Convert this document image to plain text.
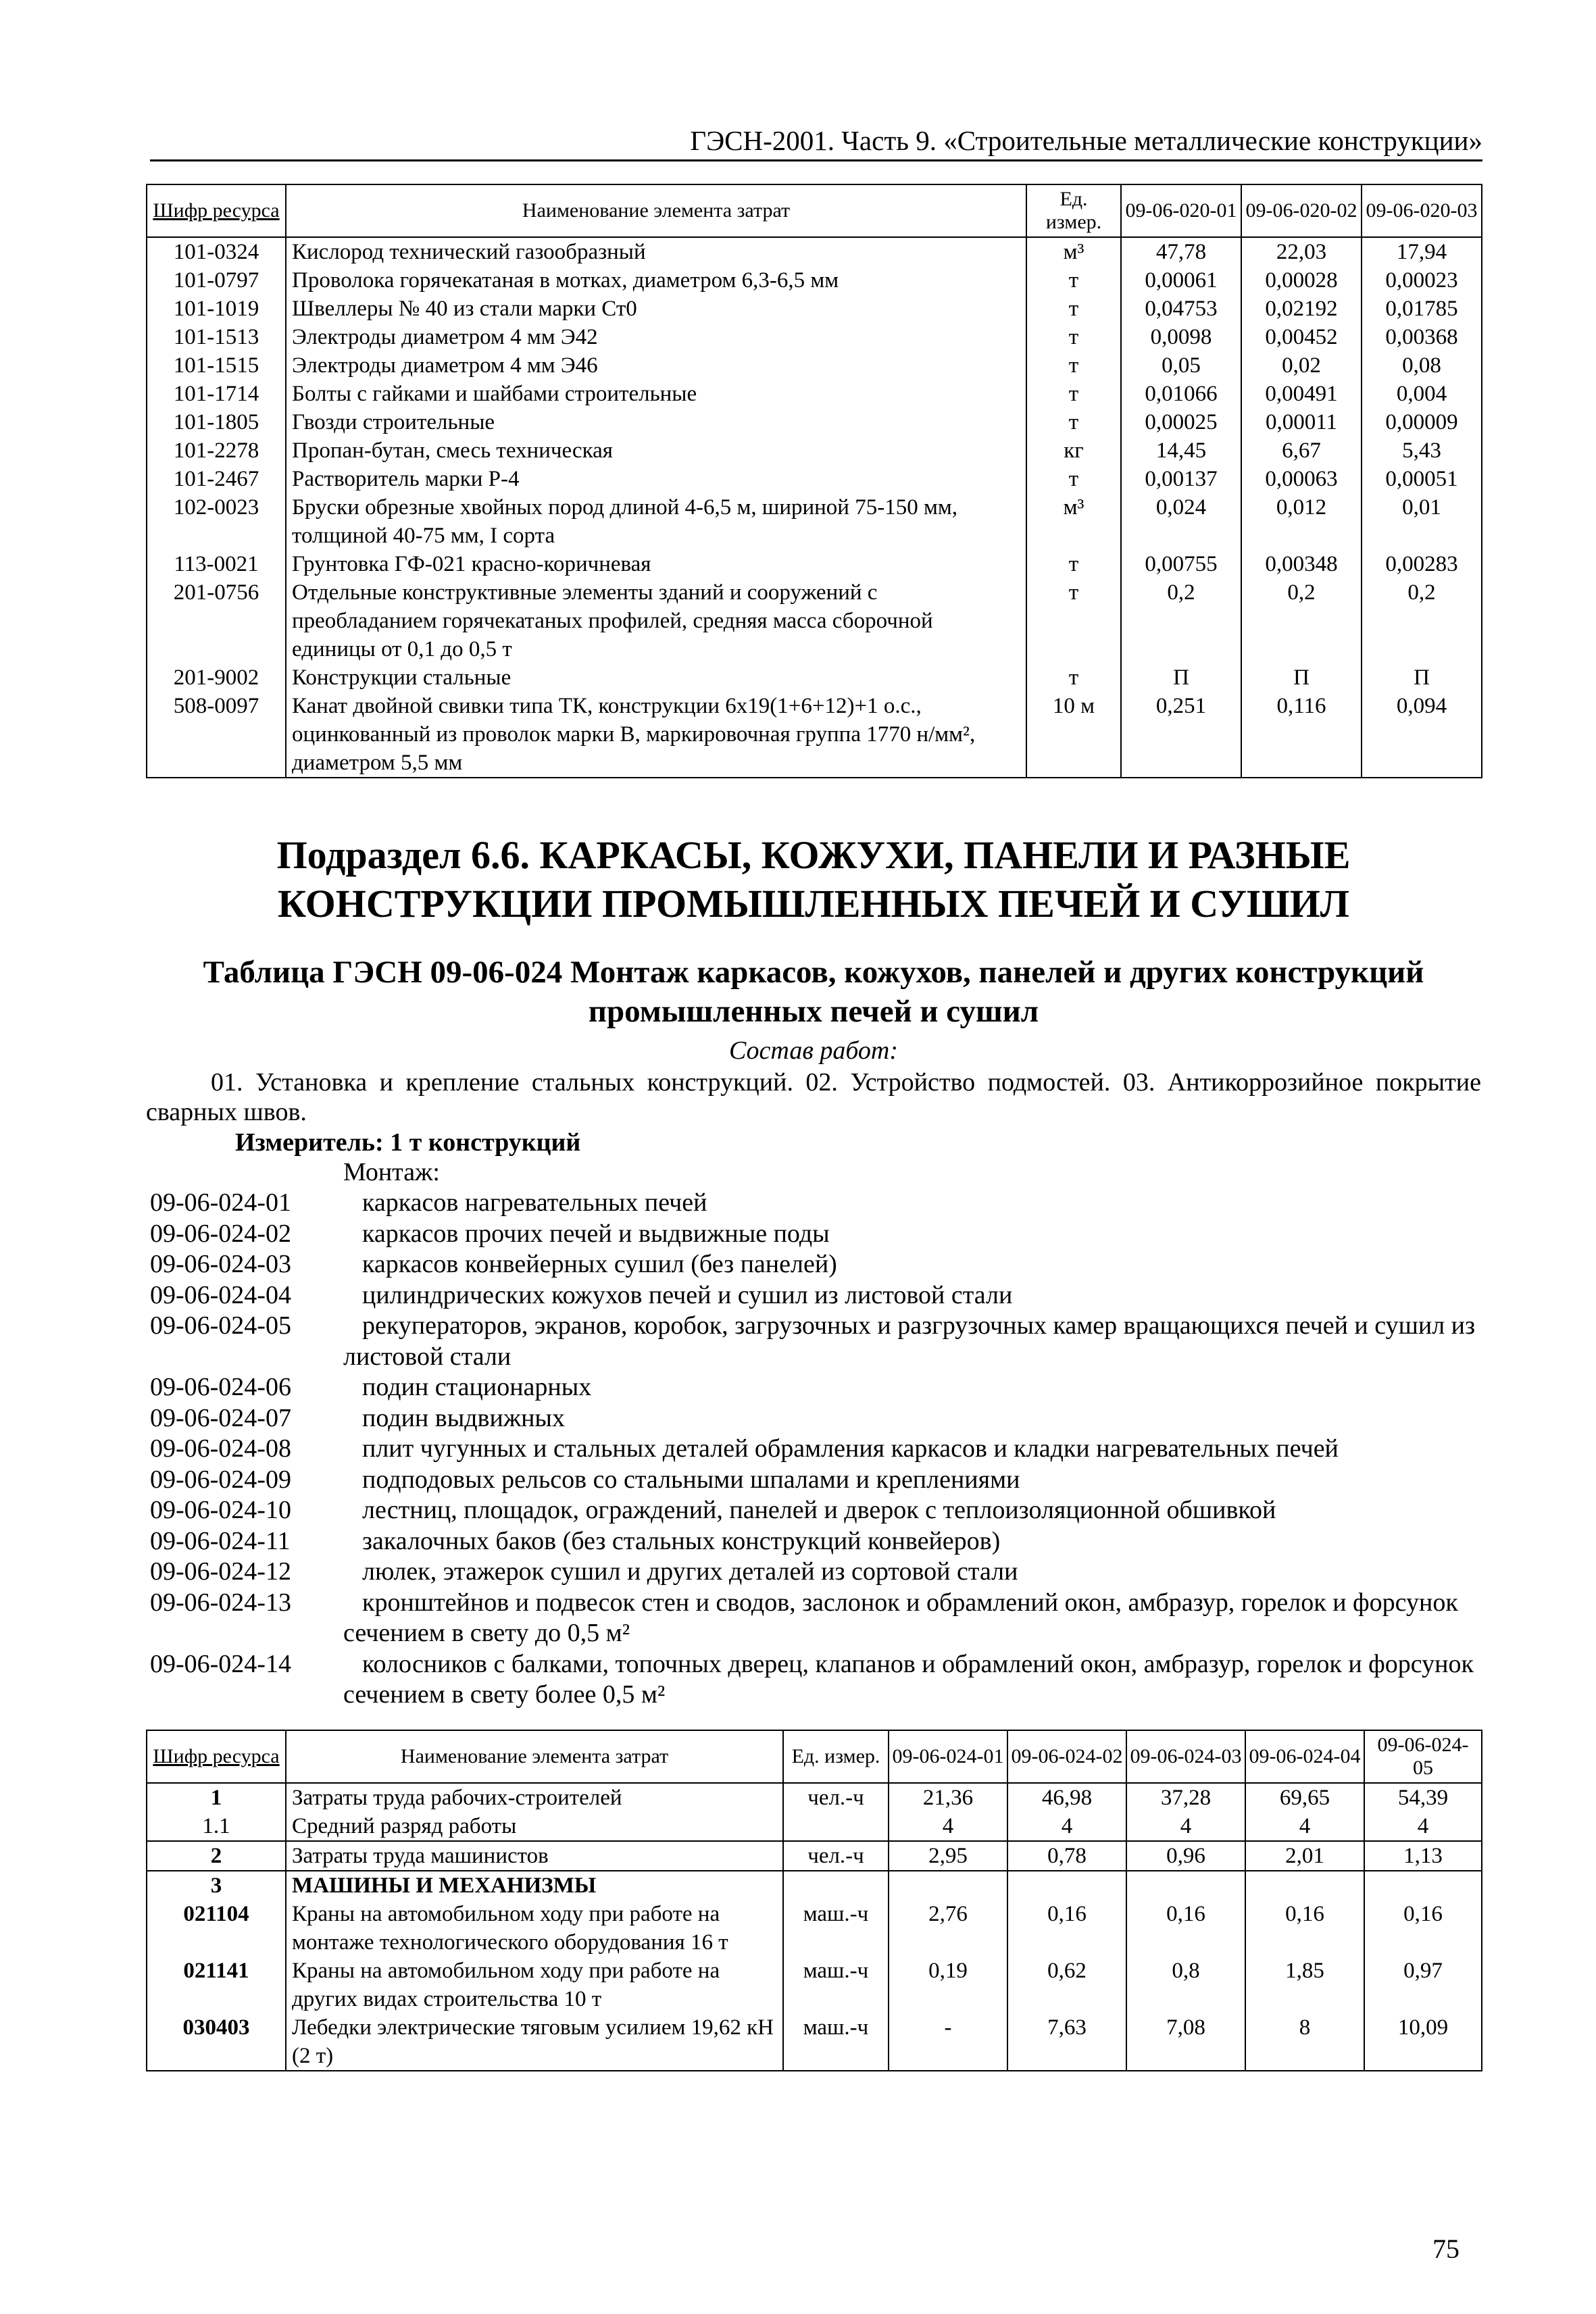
ГЭСН-2001. Часть 9. «Строительные металлические конструкции»
Шифр ресурса	Наименование элемента затрат	Ед. измер.	09-06-020-01	09-06-020-02	09-06-020-03
101-0324	Кислород технический газообразный	м³	47,78	22,03	17,94
101-0797	Проволока горячекатаная в мотках, диаметром 6,3-6,5 мм	т	0,00061	0,00028	0,00023
101-1019	Швеллеры № 40 из стали марки Ст0	т	0,04753	0,02192	0,01785
101-1513	Электроды диаметром 4 мм Э42	т	0,0098	0,00452	0,00368
101-1515	Электроды диаметром 4 мм Э46	т	0,05	0,02	0,08
101-1714	Болты с гайками и шайбами строительные	т	0,01066	0,00491	0,004
101-1805	Гвозди строительные	т	0,00025	0,00011	0,00009
101-2278	Пропан-бутан, смесь техническая	кг	14,45	6,67	5,43
101-2467	Растворитель марки Р-4	т	0,00137	0,00063	0,00051
102-0023	Бруски обрезные хвойных пород длиной 4-6,5 м, шириной 75-150 мм, толщиной 40-75 мм, I сорта	м³	0,024	0,012	0,01
113-0021	Грунтовка ГФ-021 красно-коричневая	т	0,00755	0,00348	0,00283
201-0756	Отдельные конструктивные элементы зданий и сооружений с преобладанием горячекатаных профилей, средняя масса сборочной единицы от 0,1 до 0,5 т	т	0,2	0,2	0,2
201-9002	Конструкции стальные	т	П	П	П
508-0097	Канат двойной свивки типа ТК, конструкции 6х19(1+6+12)+1 о.с., оцинкованный из проволок марки В, маркировочная группа 1770 н/мм², диаметром 5,5 мм	10 м	0,251	0,116	0,094
Подраздел 6.6. КАРКАСЫ, КОЖУХИ, ПАНЕЛИ И РАЗНЫЕ
КОНСТРУКЦИИ ПРОМЫШЛЕННЫХ ПЕЧЕЙ И СУШИЛ
Таблица ГЭСН 09-06-024 Монтаж каркасов, кожухов, панелей и других конструкций
промышленных печей и сушил
Состав работ:
01. Установка и крепление стальных конструкций. 02. Устройство подмостей. 03. Антикоррозийное покрытие сварных швов.
Измеритель: 1 т конструкций
Монтаж:
09-06-024-01	каркасов нагревательных печей
09-06-024-02	каркасов прочих печей и выдвижные поды
09-06-024-03	каркасов конвейерных сушил (без панелей)
09-06-024-04	цилиндрических кожухов печей и сушил из листовой стали
09-06-024-05	рекуператоров, экранов, коробок, загрузочных и разгрузочных камер вращающихся печей и сушил из листовой стали
09-06-024-06	подин стационарных
09-06-024-07	подин выдвижных
09-06-024-08	плит чугунных и стальных деталей обрамления каркасов и кладки нагревательных печей
09-06-024-09	подподовых рельсов со стальными шпалами и креплениями
09-06-024-10	лестниц, площадок, ограждений, панелей и дверок с теплоизоляционной обшивкой
09-06-024-11	закалочных баков (без стальных конструкций конвейеров)
09-06-024-12	люлек, этажерок сушил и других деталей из сортовой стали
09-06-024-13	кронштейнов и подвесок стен и сводов, заслонок и обрамлений окон, амбразур, горелок и форсунок сечением в свету до 0,5 м²
09-06-024-14	колосников с балками, топочных дверец, клапанов и обрамлений окон, амбразур, горелок и форсунок сечением в свету более 0,5 м²
Шифр ресурса	Наименование элемента затрат	Ед. измер.	09-06-024-01	09-06-024-02	09-06-024-03	09-06-024-04	09-06-024-05
1	Затраты труда рабочих-строителей	чел.-ч	21,36	46,98	37,28	69,65	54,39
1.1	Средний разряд работы		4	4	4	4	4
2	Затраты труда машинистов	чел.-ч	2,95	0,78	0,96	2,01	1,13
3	МАШИНЫ И МЕХАНИЗМЫ						
021104	Краны на автомобильном ходу при работе на монтаже технологического оборудования 16 т	маш.-ч	2,76	0,16	0,16	0,16	0,16
021141	Краны на автомобильном ходу при работе на других видах строительства 10 т	маш.-ч	0,19	0,62	0,8	1,85	0,97
030403	Лебедки электрические тяговым усилием 19,62 кН (2 т)	маш.-ч	-	7,63	7,08	8	10,09
75
